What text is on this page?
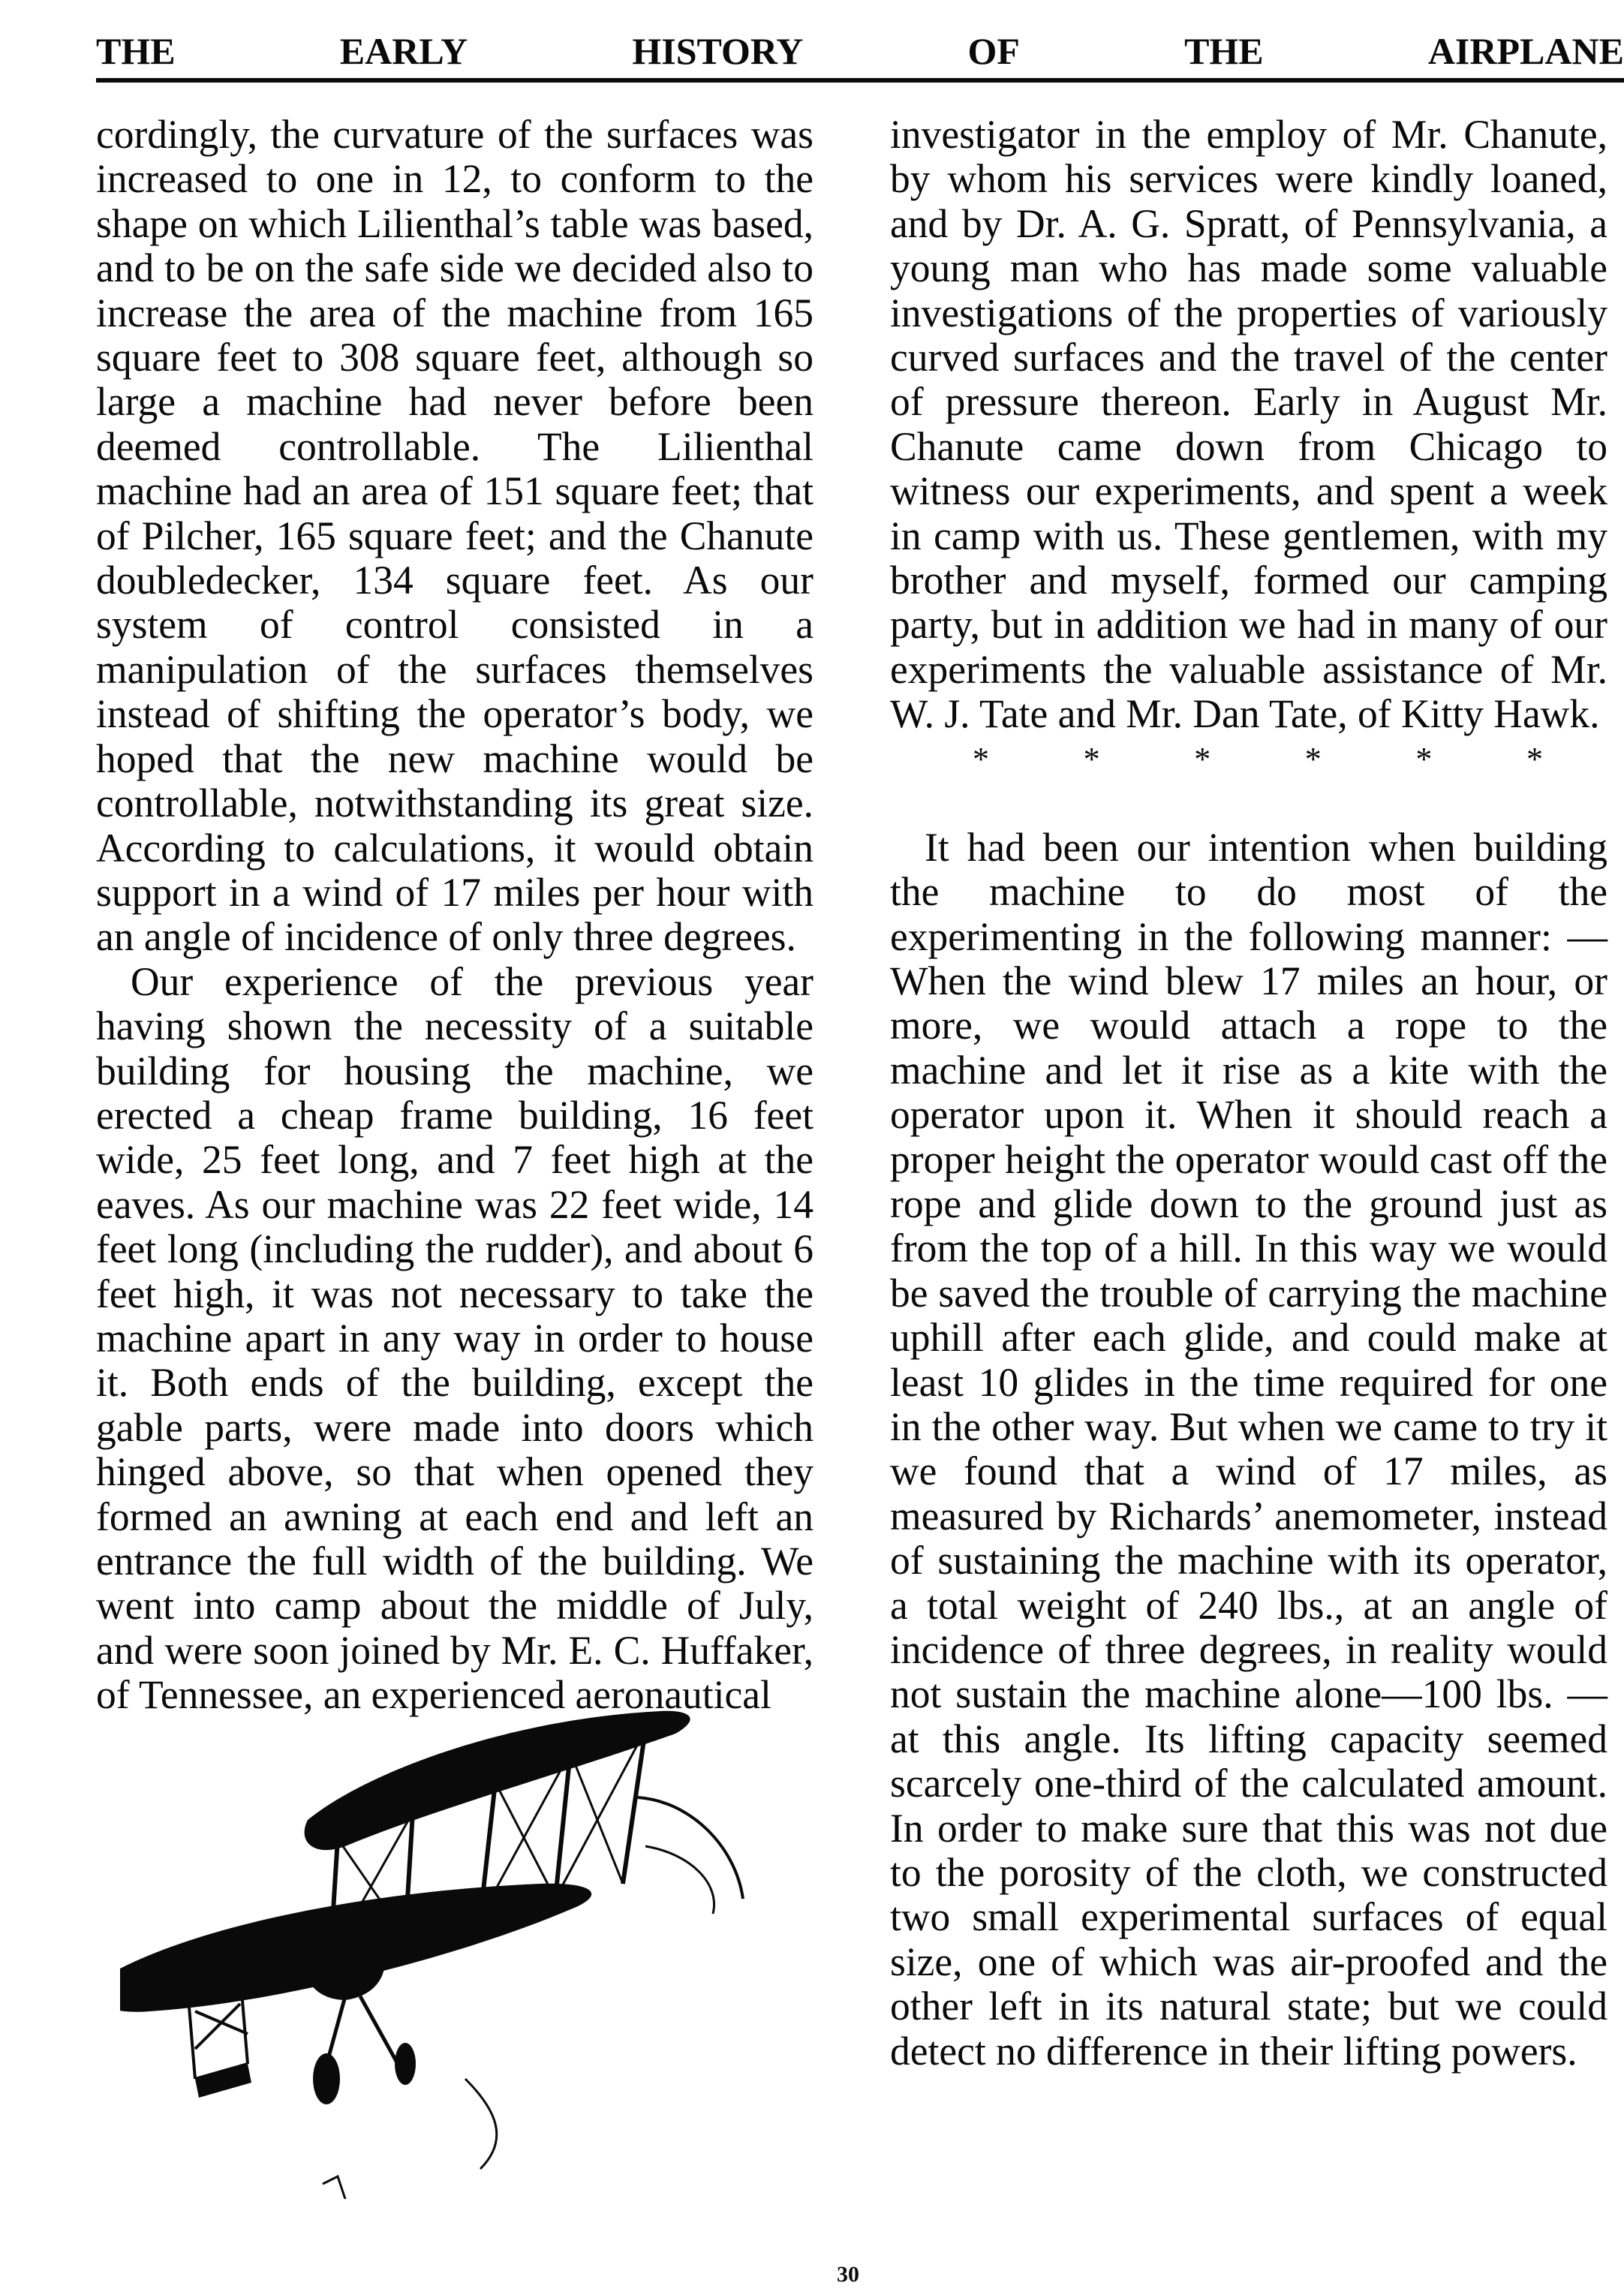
THE	EARLY	HISTORY	OF	THE	AIRPLANE

cordingly, the curvature of the surfaces was increased to one in 12, to conform to the shape on which Lilienthal’s table was based, and to be on the safe side we decided also to increase the area of the machine from 165 square feet to 308 square feet, although so large a machine had never before been deemed controllable. The Lilienthal machine had an area of 151 square feet; that of Pilcher, 165 square feet; and the Chanute doubledecker, 134 square feet. As our system of control consisted in a manipulation of the surfaces themselves instead of shifting the operator’s body, we hoped that the new machine would be controllable, notwithstanding its great size. According to calculations, it would obtain support in a wind of 17 miles per hour with an angle of incidence of only three degrees.

Our experience of the previous year having shown the necessity of a suitable building for housing the machine, we erected a cheap frame building, 16 feet wide, 25 feet long, and 7 feet high at the eaves. As our machine was 22 feet wide, 14 feet long (including the rudder), and about 6 feet high, it was not necessary to take the machine apart in any way in order to house it. Both ends of the building, except the gable parts, were made into doors which hinged above, so that when opened they formed an awning at each end and left an entrance the full width of the building. We went into camp about the middle of July, and were soon joined by Mr. E. C. Huffaker, of Tennessee, an experienced aeronautical

investigator in the employ of Mr. Chanute, by whom his services were kindly loaned, and by Dr. A. G. Spratt, of Pennsylvania, a young man who has made some valuable investigations of the properties of variously curved surfaces and the travel of the center of pressure thereon. Early in August Mr. Chanute came down from Chicago to witness our experiments, and spent a week in camp with us. These gentlemen, with my brother and myself, formed our camping party, but in addition we had in many of our experiments the valuable assistance of Mr. W. J. Tate and Mr. Dan Tate, of Kitty Hawk.

*	*	*	*	*	*

It had been our intention when building the machine to do most of the experimenting in the following manner: —When the wind blew 17 miles an hour, or more, we would attach a rope to the machine and let it rise as a kite with the operator upon it. When it should reach a proper height the operator would cast off the rope and glide down to the ground just as from the top of a hill. In this way we would be saved the trouble of carrying the machine uphill after each glide, and could make at least 10 glides in the time required for one in the other way. But when we came to try it we found that a wind of 17 miles, as measured by Richards’ anemometer, instead of sustaining the machine with its operator, a total weight of 240 lbs., at an angle of incidence of three degrees, in reality would not sustain the machine alone—100 lbs. —at this angle. Its lifting capacity seemed scarcely one-third of the calculated amount. In order to make sure that this was not due to the porosity of the cloth, we constructed two small experimental surfaces of equal size, one of which was air-proofed and the other left in its natural state; but we could detect no difference in their lifting powers.

30
